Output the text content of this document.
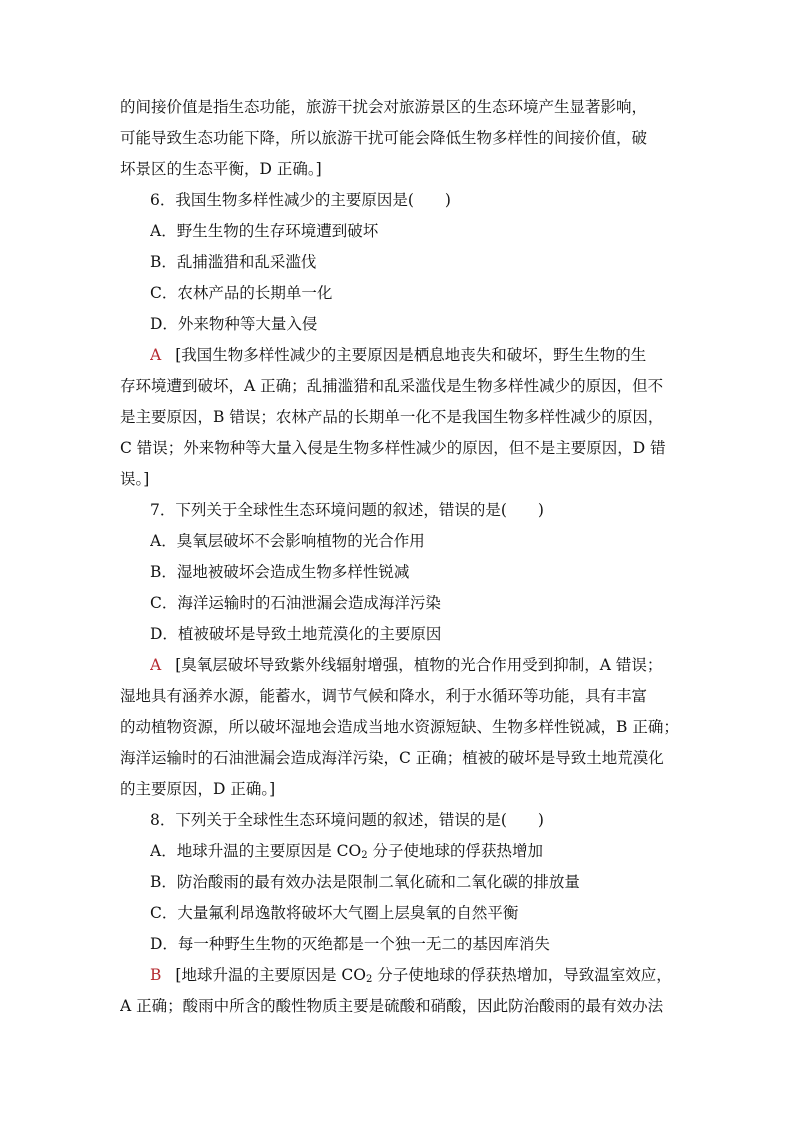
的间接价值是指生态功能，旅游干扰会对旅游景区的生态环境产生显著影响，
可能导致生态功能下降，所以旅游干扰可能会降低生物多样性的间接价值，破
坏景区的生态平衡，D 正确。]
6．我国生物多样性减少的主要原因是(　　)
A．野生生物的生存环境遭到破坏
B．乱捕滥猎和乱采滥伐
C．农林产品的长期单一化
D．外来物种等大量入侵
A [我国生物多样性减少的主要原因是栖息地丧失和破坏，野生生物的生
存环境遭到破坏，A 正确；乱捕滥猎和乱采滥伐是生物多样性减少的原因，但不
是主要原因，B 错误；农林产品的长期单一化不是我国生物多样性减少的原因，
C 错误；外来物种等大量入侵是生物多样性减少的原因，但不是主要原因，D 错
误。]
7．下列关于全球性生态环境问题的叙述，错误的是(　　)
A．臭氧层破坏不会影响植物的光合作用
B．湿地被破坏会造成生物多样性锐减
C．海洋运输时的石油泄漏会造成海洋污染
D．植被破坏是导致土地荒漠化的主要原因
A [臭氧层破坏导致紫外线辐射增强，植物的光合作用受到抑制，A 错误；
湿地具有涵养水源，能蓄水，调节气候和降水，利于水循环等功能，具有丰富
的动植物资源，所以破坏湿地会造成当地水资源短缺、生物多样性锐减，B 正确；
海洋运输时的石油泄漏会造成海洋污染，C 正确；植被的破坏是导致土地荒漠化
的主要原因，D 正确。]
8．下列关于全球性生态环境问题的叙述，错误的是(　　)
A．地球升温的主要原因是 $CO_2$ 分子使地球的俘获热增加
B．防治酸雨的最有效办法是限制二氧化硫和二氧化碳的排放量
C．大量氟利昂逸散将破坏大气圈上层臭氧的自然平衡
D．每一种野生生物的灭绝都是一个独一无二的基因库消失
B [地球升温的主要原因是 $CO_2$ 分子使地球的俘获热增加，导致温室效应，
A 正确；酸雨中所含的酸性物质主要是硫酸和硝酸，因此防治酸雨的最有效办法
